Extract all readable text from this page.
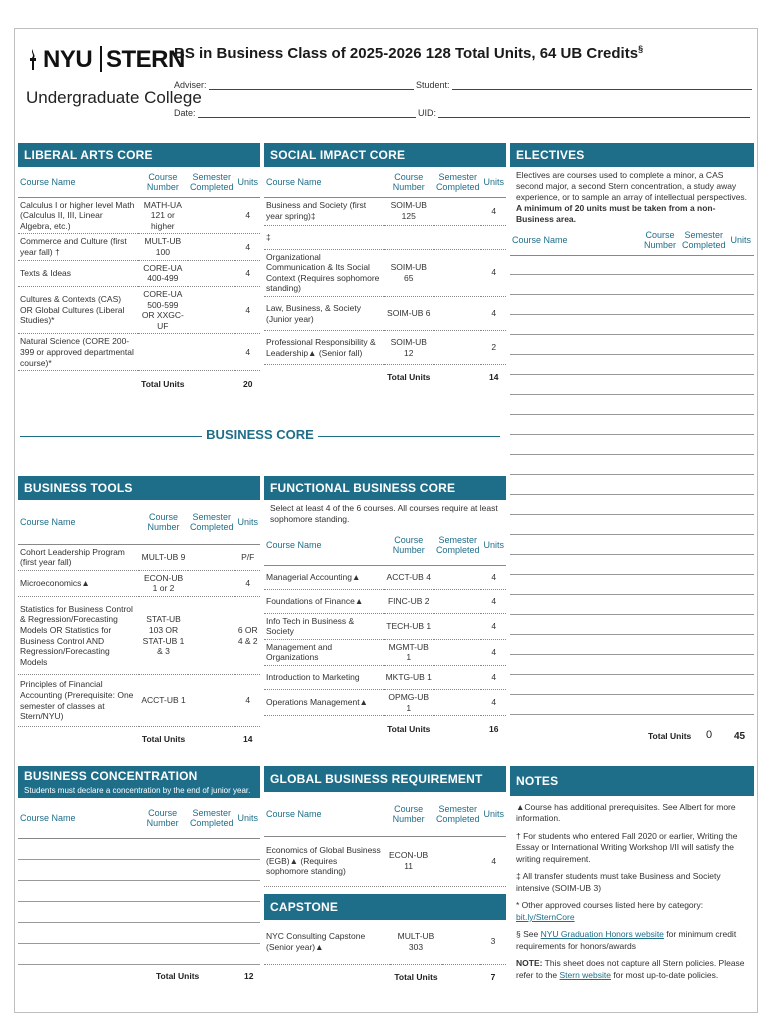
NYU STERN
Undergraduate College
BS in Business Class of 2025-2026 128 Total Units, 64 UB Credits§
Adviser:	Student:
Date:	UID:
LIBERAL ARTS CORE
Course Name	Course Number	Semester Completed	Units
Calculus I or higher level Math (Calculus II, III, Linear Algebra, etc.)	MATH-UA 121 or higher		4
Commerce and Culture (first year fall) †	MULT-UB 100		4
Texts & Ideas	CORE-UA 400-499		4
Cultures & Contexts (CAS) OR Global Cultures (Liberal Studies)*	CORE-UA 500-599 OR XXGC-UF		4
Natural Science (CORE 200-399 or approved departmental course)*			4
	Total Units		20
SOCIAL IMPACT CORE
Course Name	Course Number	Semester Completed	Units
Business and Society (first year spring)‡	SOIM-UB 125		4
‡			
Organizational Communication & Its Social Context (Requires sophomore standing)	SOIM-UB 65		4
Law, Business, & Society (Junior year)	SOIM-UB 6		4
Professional Responsibility & Leadership▲ (Senior fall)	SOIM-UB 12		2
	Total Units		14
ELECTIVES
Electives are courses used to complete a minor, a CAS second major, a second Stern concentration, a study away experience, or to sample an array of intellectual perspectives. A minimum of 20 units must be taken from a non-Business area.
Course Name	Course Number	Semester Completed	Units
Total Units 0 45
BUSINESS CORE
BUSINESS TOOLS
Course Name	Course Number	Semester Completed	Units
Cohort Leadership Program (first year fall)	MULT-UB 9		P/F
Microeconomics▲	ECON-UB 1 or 2		4
Statistics for Business Control & Regression/Forecasting Models OR Statistics for Business Control AND Regression/Forecasting Models	STAT-UB 103 OR STAT-UB 1 & 3		6 OR 4 & 2
Principles of Financial Accounting (Prerequisite: One semester of classes at Stern/NYU)	ACCT-UB 1		4
	Total Units		14
FUNCTIONAL BUSINESS CORE
Select at least 4 of the 6 courses. All courses require at least sophomore standing.
Course Name	Course Number	Semester Completed	Units
Managerial Accounting▲	ACCT-UB 4		4
Foundations of Finance▲	FINC-UB 2		4
Info Tech in Business & Society	TECH-UB 1		4
Management and Organizations	MGMT-UB 1		4
Introduction to Marketing	MKTG-UB 1		4
Operations Management▲	OPMG-UB 1		4
	Total Units		16
BUSINESS CONCENTRATION
Students must declare a concentration by the end of junior year.
Course Name	Course Number	Semester Completed	Units
Total Units	12
GLOBAL BUSINESS REQUIREMENT
Course Name	Course Number	Semester Completed	Units
Economics of Global Business (EGB)▲ (Requires sophomore standing)	ECON-UB 11		4
CAPSTONE
NYC Consulting Capstone (Senior year)▲	MULT-UB 303		3
	Total Units		7
NOTES

▲Course has additional prerequisites. See Albert for more information.

† For students who entered Fall 2020 or earlier, Writing the Essay or International Writing Workshop I/II will satisfy the writing requirement.

‡ All transfer students must take Business and Society intensive (SOIM-UB 3)

* Other approved courses listed here by category: bit.ly/SternCore

§ See NYU Graduation Honors website for minimum credit requirements for honors/awards

NOTE: This sheet does not capture all Stern policies. Please refer to the Stern website for most up-to-date policies.
